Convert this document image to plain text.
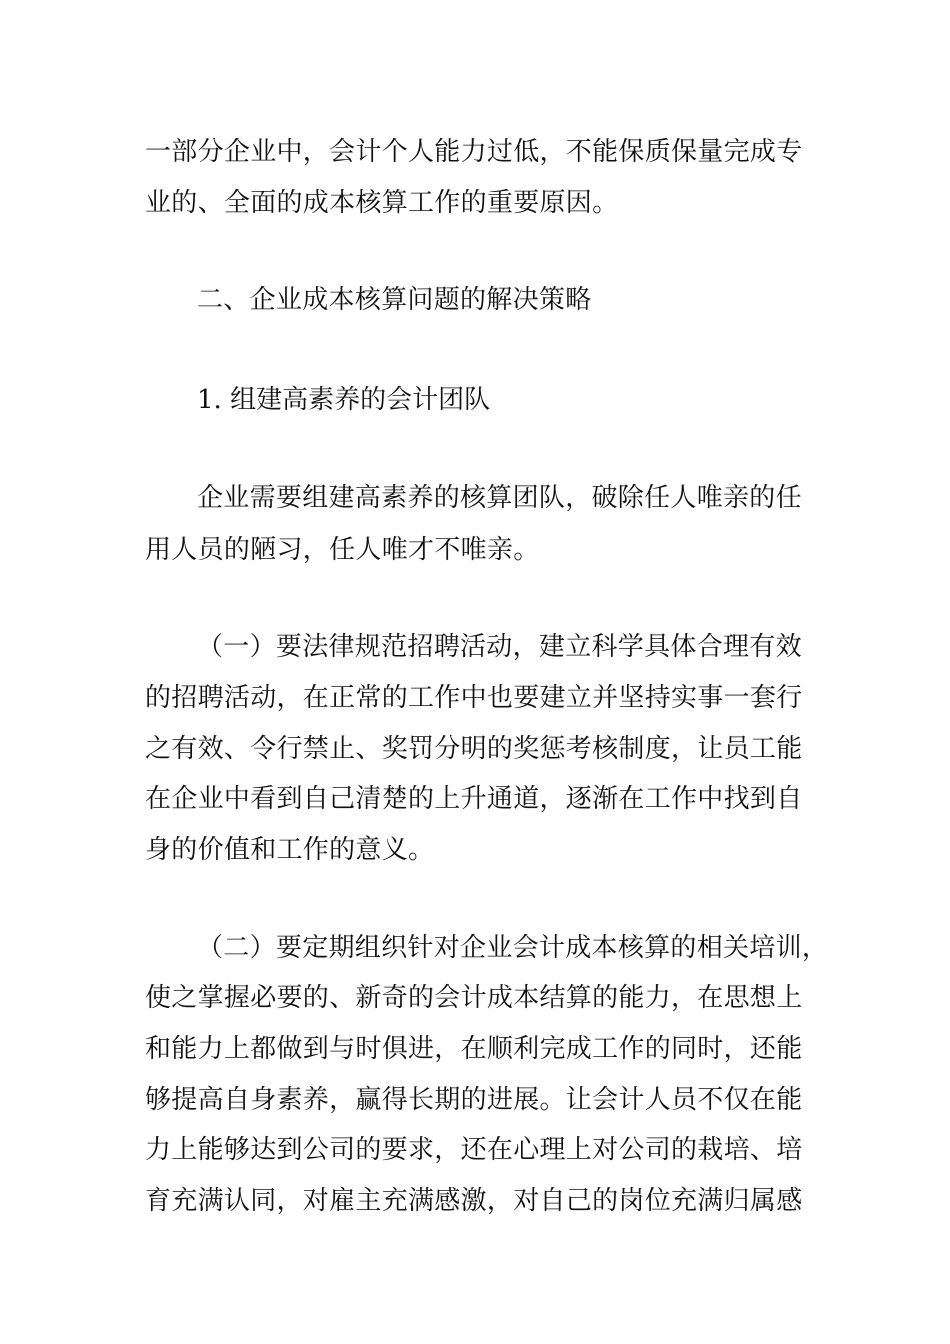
一部分企业中，会计个人能力过低，不能保质保量完成专
业的、全面的成本核算工作的重要原因。
二、企业成本核算问题的解决策略
1. 组建高素养的会计团队
企业需要组建高素养的核算团队，破除任人唯亲的任
用人员的陋习，任人唯才不唯亲。
（一）要法律规范招聘活动，建立科学具体合理有效
的招聘活动，在正常的工作中也要建立并坚持实事一套行
之有效、令行禁止、奖罚分明的奖惩考核制度，让员工能
在企业中看到自己清楚的上升通道，逐渐在工作中找到自
身的价值和工作的意义。
（二）要定期组织针对企业会计成本核算的相关培训，
使之掌握必要的、新奇的会计成本结算的能力，在思想上
和能力上都做到与时俱进，在顺利完成工作的同时，还能
够提高自身素养，赢得长期的进展。让会计人员不仅在能
力上能够达到公司的要求，还在心理上对公司的栽培、培
育充满认同，对雇主充满感激，对自己的岗位充满归属感
